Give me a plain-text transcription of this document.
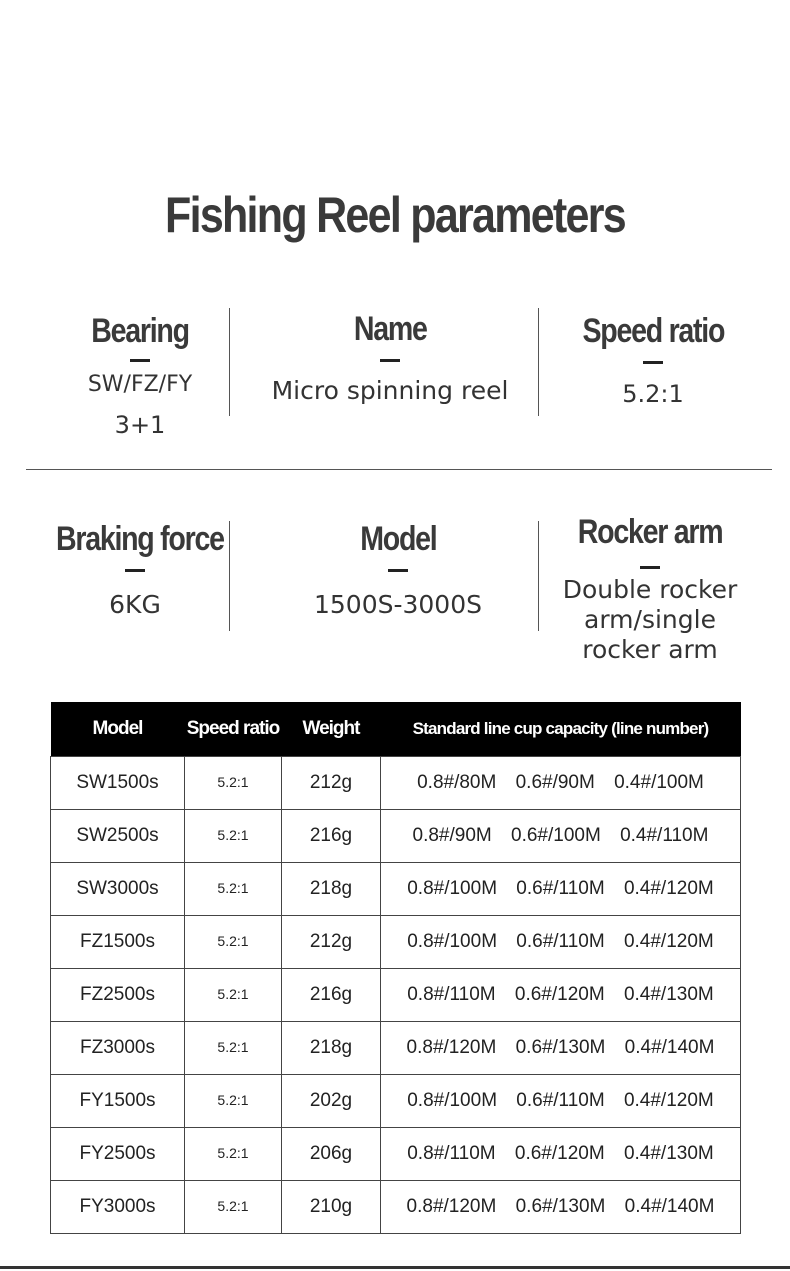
Fishing Reel parameters
Bearing
SW/FZ/FY
3+1
Name
Micro spinning reel
Speed ratio
5.2:1
Braking force
6KG
Model
1500S-3000S
Rocker arm
Double rocker
arm/single
rocker arm
Model	Speed ratio	Weight	Standard line cup capacity (line number)
SW1500s	5.2:1	212g	0.8#/80M 0.6#/90M 0.4#/100M
SW2500s	5.2:1	216g	0.8#/90M 0.6#/100M 0.4#/110M
SW3000s	5.2:1	218g	0.8#/100M 0.6#/110M 0.4#/120M
FZ1500s	5.2:1	212g	0.8#/100M 0.6#/110M 0.4#/120M
FZ2500s	5.2:1	216g	0.8#/110M 0.6#/120M 0.4#/130M
FZ3000s	5.2:1	218g	0.8#/120M 0.6#/130M 0.4#/140M
FY1500s	5.2:1	202g	0.8#/100M 0.6#/110M 0.4#/120M
FY2500s	5.2:1	206g	0.8#/110M 0.6#/120M 0.4#/130M
FY3000s	5.2:1	210g	0.8#/120M 0.6#/130M 0.4#/140M
